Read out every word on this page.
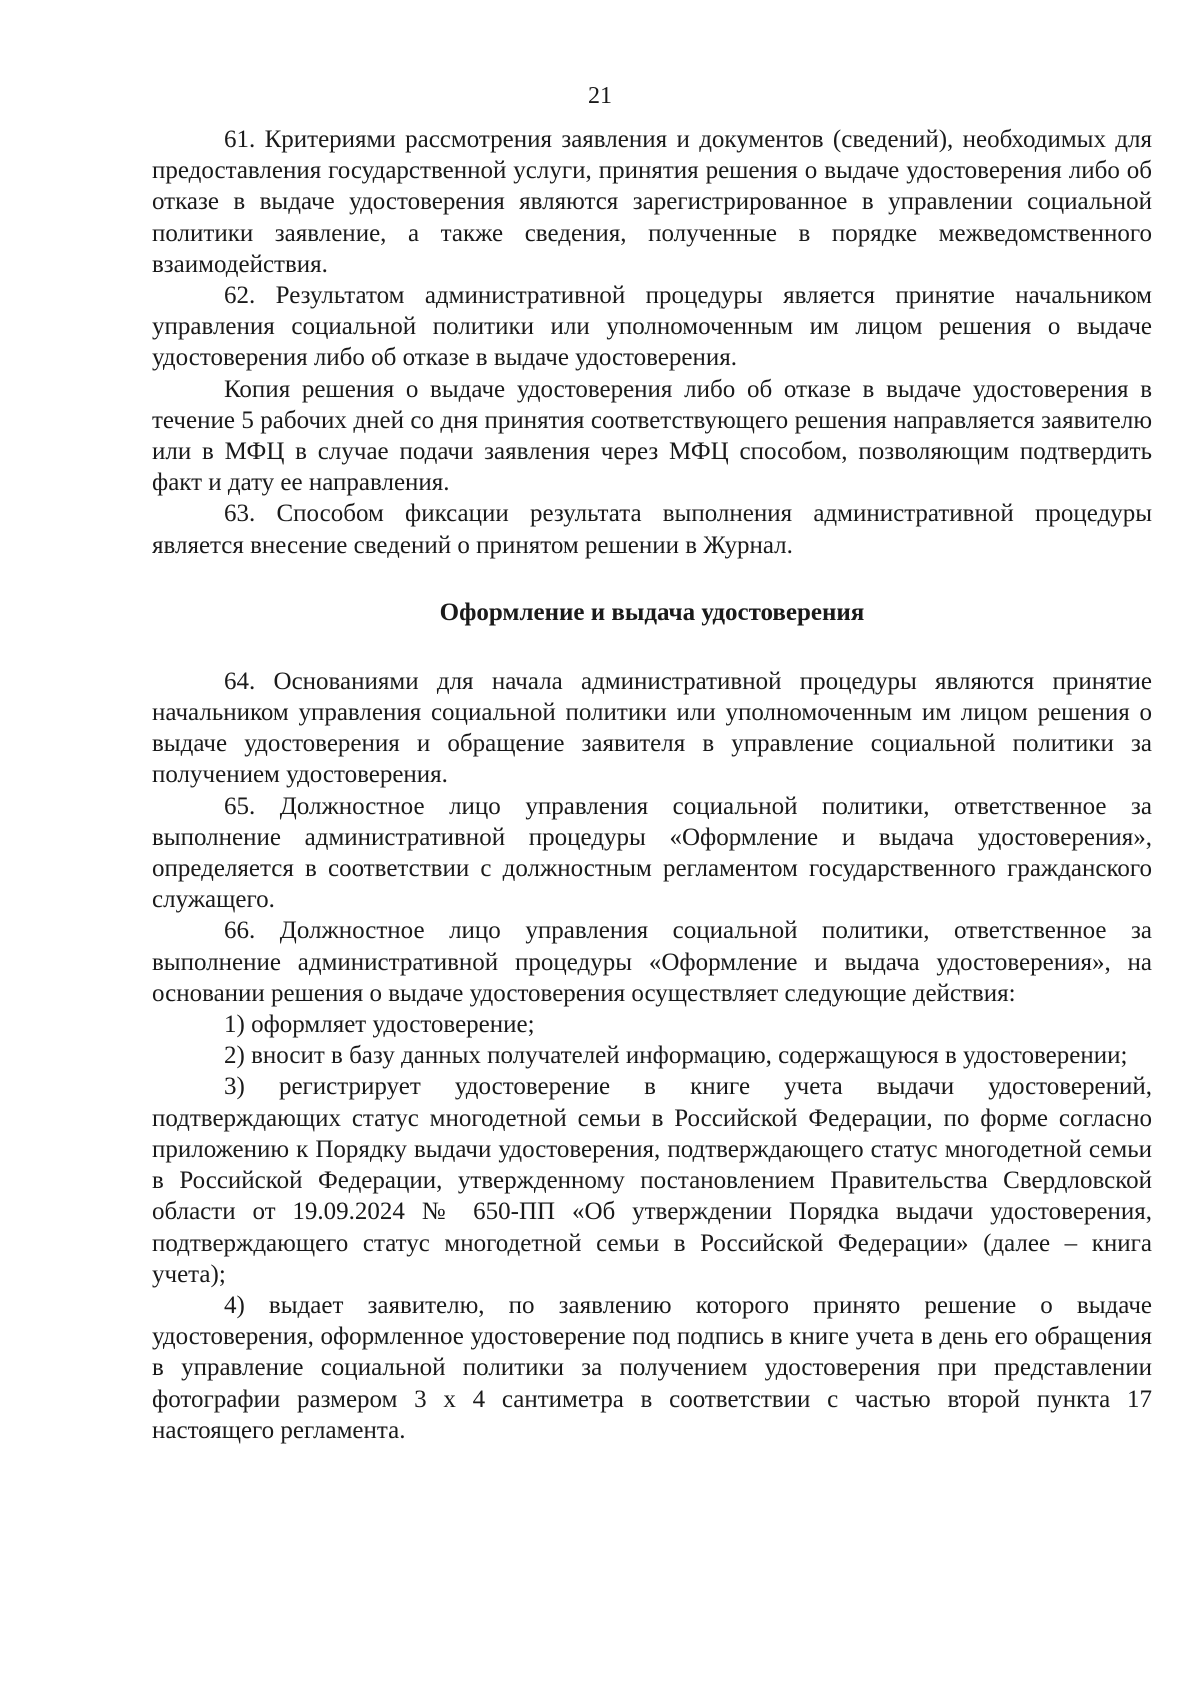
21

61. Критериями рассмотрения заявления и документов (сведений), необходимых для предоставления государственной услуги, принятия решения о выдаче удостоверения либо об отказе в выдаче удостоверения являются зарегистрированное в управлении социальной политики заявление, а также сведения, полученные в порядке межведомственного взаимодействия.

62. Результатом административной процедуры является принятие начальником управления социальной политики или уполномоченным им лицом решения о выдаче удостоверения либо об отказе в выдаче удостоверения.

Копия решения о выдаче удостоверения либо об отказе в выдаче удостоверения в течение 5 рабочих дней со дня принятия соответствующего решения направляется заявителю или в МФЦ в случае подачи заявления через МФЦ способом, позволяющим подтвердить факт и дату ее направления.

63. Способом фиксации результата выполнения административной процедуры является внесение сведений о принятом решении в Журнал.

Оформление и выдача удостоверения

64. Основаниями для начала административной процедуры являются принятие начальником управления социальной политики или уполномоченным им лицом решения о выдаче удостоверения и обращение заявителя в управление социальной политики за получением удостоверения.

65. Должностное лицо управления социальной политики, ответственное за выполнение административной процедуры «Оформление и выдача удостоверения», определяется в соответствии с должностным регламентом государственного гражданского служащего.

66. Должностное лицо управления социальной политики, ответственное за выполнение административной процедуры «Оформление и выдача удостоверения», на основании решения о выдаче удостоверения осуществляет следующие действия:

1) оформляет удостоверение;

2) вносит в базу данных получателей информацию, содержащуюся в удостоверении;

3) регистрирует удостоверение в книге учета выдачи удостоверений, подтверждающих статус многодетной семьи в Российской Федерации, по форме согласно приложению к Порядку выдачи удостоверения, подтверждающего статус многодетной семьи в Российской Федерации, утвержденному постановлением Правительства Свердловской области от 19.09.2024 № 650-ПП «Об утверждении Порядка выдачи удостоверения, подтверждающего статус многодетной семьи в Российской Федерации» (далее – книга учета);

4) выдает заявителю, по заявлению которого принято решение о выдаче удостоверения, оформленное удостоверение под подпись в книге учета в день его обращения в управление социальной политики за получением удостоверения при представлении фотографии размером 3 x 4 сантиметра в соответствии с частью второй пункта 17 настоящего регламента.
